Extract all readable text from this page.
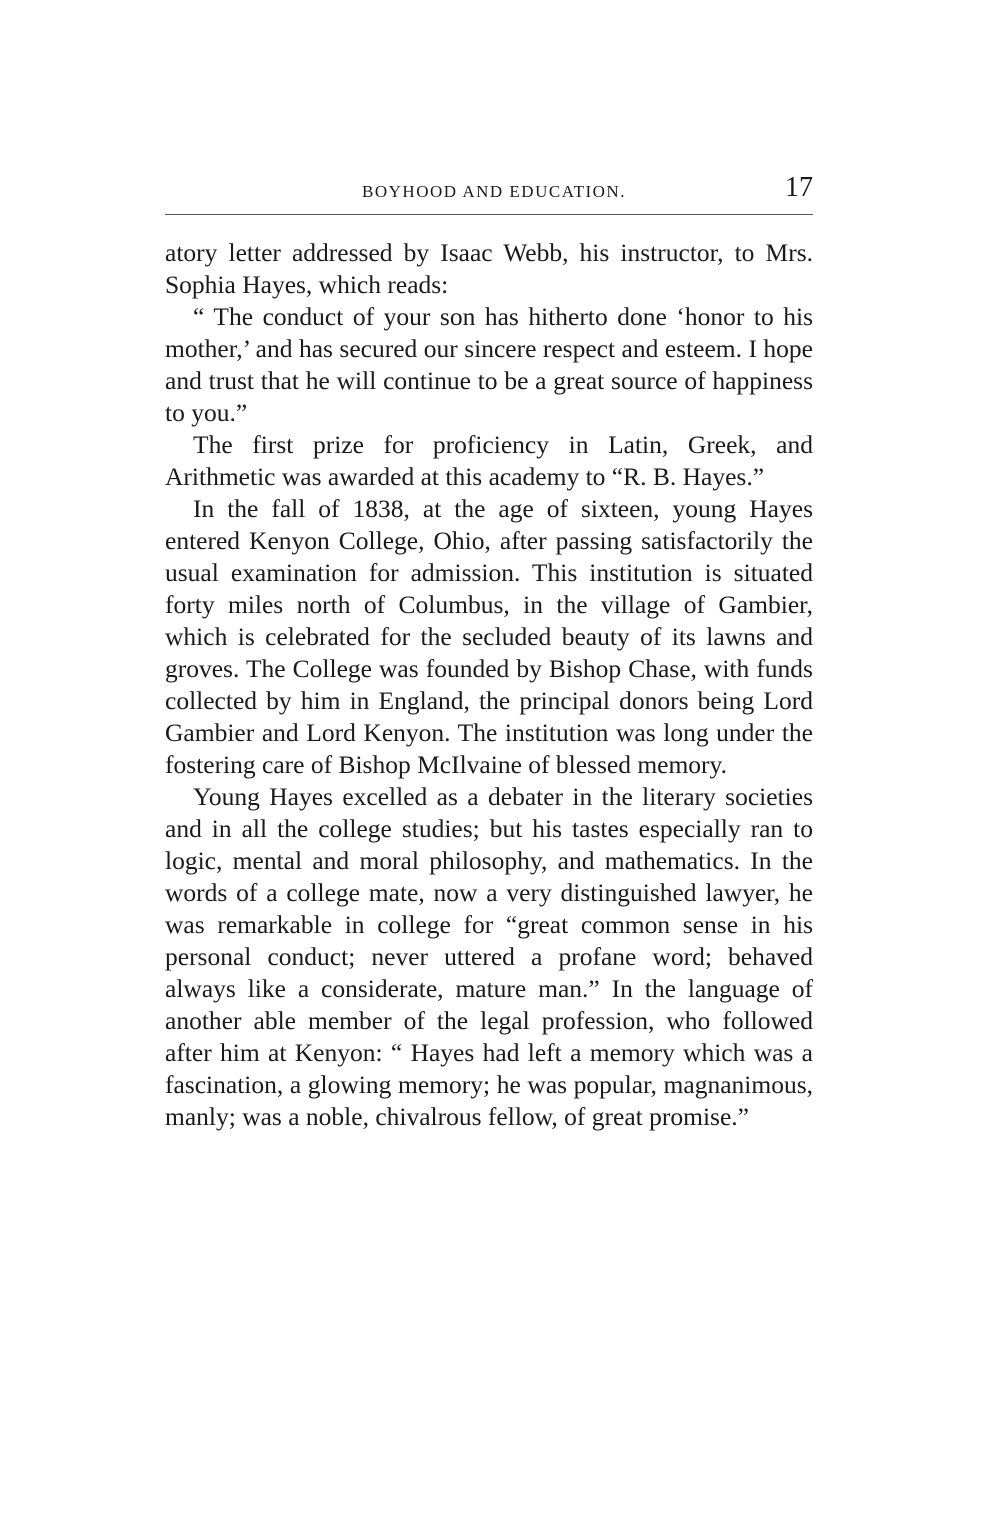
BOYHOOD AND EDUCATION.	17

atory letter addressed by Isaac Webb, his instructor, to Mrs. Sophia Hayes, which reads:

“ The conduct of your son has hitherto done ‘honor to his mother,’ and has secured our sincere respect and esteem. I hope and trust that he will continue to be a great source of happiness to you.”

The first prize for proficiency in Latin, Greek, and Arithmetic was awarded at this academy to “R. B. Hayes.”

In the fall of 1838, at the age of sixteen, young Hayes entered Kenyon College, Ohio, after passing satisfactorily the usual examination for admission. This institution is situated forty miles north of Columbus, in the village of Gambier, which is celebrated for the secluded beauty of its lawns and groves. The College was founded by Bishop Chase, with funds collected by him in England, the principal donors being Lord Gambier and Lord Kenyon. The institution was long under the fostering care of Bishop McIlvaine of blessed memory.

Young Hayes excelled as a debater in the literary societies and in all the college studies; but his tastes especially ran to logic, mental and moral philosophy, and mathematics. In the words of a college mate, now a very distinguished lawyer, he was remarkable in college for “great common sense in his personal conduct; never uttered a profane word; behaved always like a considerate, mature man.” In the language of another able member of the legal profession, who followed after him at Kenyon: “ Hayes had left a memory which was a fascination, a glowing memory; he was popular, magnanimous, manly; was a noble, chivalrous fellow, of great promise.”
